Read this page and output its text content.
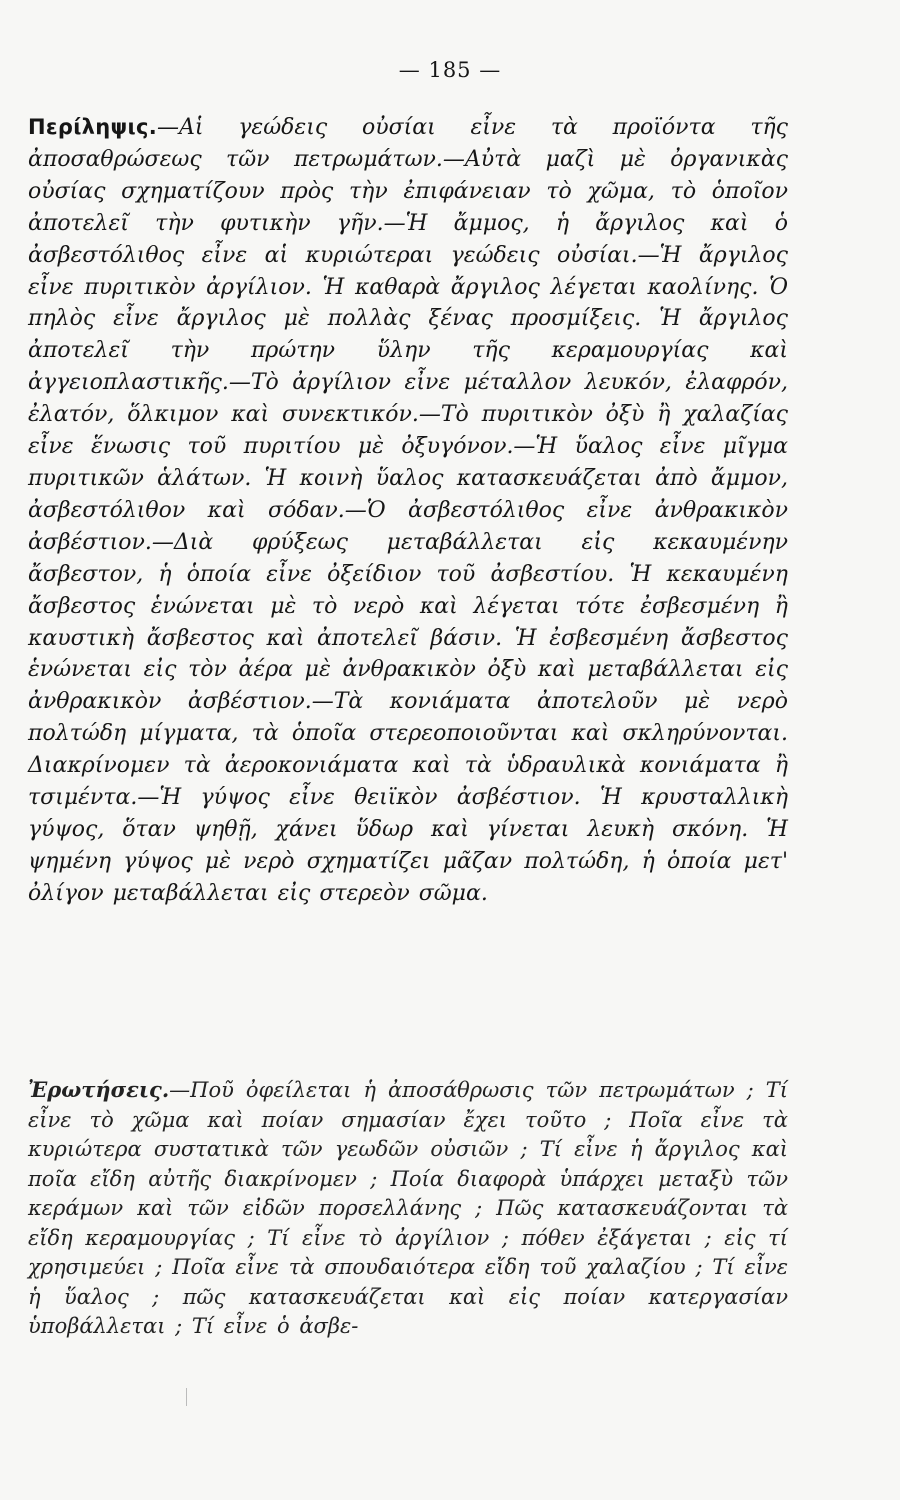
— 185 —
Περίληψις.—Αἱ γεώδεις οὐσίαι εἶνε τὰ προϊόντα τῆς ἀποσαθρώσεως τῶν πετρωμάτων.—Αὐτὰ μαζὶ μὲ ὀργανικὰς οὐσίας σχηματίζουν πρὸς τὴν ἐπιφάνειαν τὸ χῶμα, τὸ ὁποῖον ἀποτελεῖ τὴν φυτικὴν γῆν.—Ἡ ἄμμος, ἡ ἄργιλος καὶ ὁ ἀσβεστόλιθος εἶνε αἱ κυριώτεραι γεώδεις οὐσίαι.—Ἡ ἄργιλος εἶνε πυριτικὸν ἀργίλιον. Ἡ καθαρὰ ἄργιλος λέγεται καολίνης. Ὁ πηλὸς εἶνε ἄργιλος μὲ πολλὰς ξένας προσμίξεις. Ἡ ἄργιλος ἀποτελεῖ τὴν πρώτην ὕλην τῆς κεραμουργίας καὶ ἀγγειοπλαστικῆς.—Τὸ ἀργίλιον εἶνε μέταλλον λευκόν, ἐλαφρόν, ἐλατόν, ὅλκιμον καὶ συνεκτικόν.—Τὸ πυριτικὸν ὀξὺ ἢ χαλαζίας εἶνε ἕνωσις τοῦ πυριτίου μὲ ὀξυγόνον.—Ἡ ὕαλος εἶνε μῖγμα πυριτικῶν ἁλάτων. Ἡ κοινὴ ὕαλος κατασκευάζεται ἀπὸ ἄμμον, ἀσβεστόλιθον καὶ σόδαν.—Ὁ ἀσβεστόλιθος εἶνε ἀνθρακικὸν ἀσβέστιον.—Διὰ φρύξεως μεταβάλλεται εἰς κεκαυμένην ἄσβεστον, ἡ ὁποία εἶνε ὀξείδιον τοῦ ἀσβεστίου. Ἡ κεκαυμένη ἄσβεστος ἑνώνεται μὲ τὸ νερὸ καὶ λέγεται τότε ἐσβεσμένη ἢ καυστικὴ ἄσβεστος καὶ ἀποτελεῖ βάσιν. Ἡ ἐσβεσμένη ἄσβεστος ἑνώνεται εἰς τὸν ἀέρα μὲ ἀνθρακικὸν ὀξὺ καὶ μεταβάλλεται εἰς ἀνθρακικὸν ἀσβέστιον.—Τὰ κονιάματα ἀποτελοῦν μὲ νερὸ πολτώδη μίγματα, τὰ ὁποῖα στερεοποιοῦνται καὶ σκληρύνονται. Διακρίνομεν τὰ ἀεροκονιάματα καὶ τὰ ὑδραυλικὰ κονιάματα ἢ τσιμέντα.—Ἡ γύψος εἶνε θειϊκὸν ἀσβέστιον. Ἡ κρυσταλλικὴ γύψος, ὅταν ψηθῇ, χάνει ὕδωρ καὶ γίνεται λευκὴ σκόνη. Ἡ ψημένη γύψος μὲ νερὸ σχηματίζει μᾶζαν πολτώδη, ἡ ὁποία μετ' ὀλίγον μεταβάλλεται εἰς στερεὸν σῶμα.
Ἐρωτήσεις.—Ποῦ ὀφείλεται ἡ ἀποσάθρωσις τῶν πετρωμάτων ; Τί εἶνε τὸ χῶμα καὶ ποίαν σημασίαν ἔχει τοῦτο ; Ποῖα εἶνε τὰ κυριώτερα συστατικὰ τῶν γεωδῶν οὐσιῶν ; Τί εἶνε ἡ ἄργιλος καὶ ποῖα εἴδη αὐτῆς διακρίνομεν ; Ποία διαφορὰ ὑπάρχει μεταξὺ τῶν κεράμων καὶ τῶν εἰδῶν πορσελλάνης ; Πῶς κατασκευάζονται τὰ εἴδη κεραμουργίας ; Τί εἶνε τὸ ἀργίλιον ; πόθεν ἐξάγεται ; εἰς τί χρησιμεύει ; Ποῖα εἶνε τὰ σπουδαιότερα εἴδη τοῦ χαλαζίου ; Τί εἶνε ἡ ὕαλος ; πῶς κατασκευάζεται καὶ εἰς ποίαν κατεργασίαν ὑποβάλλεται ; Τί εἶνε ὁ ἀσβε-
